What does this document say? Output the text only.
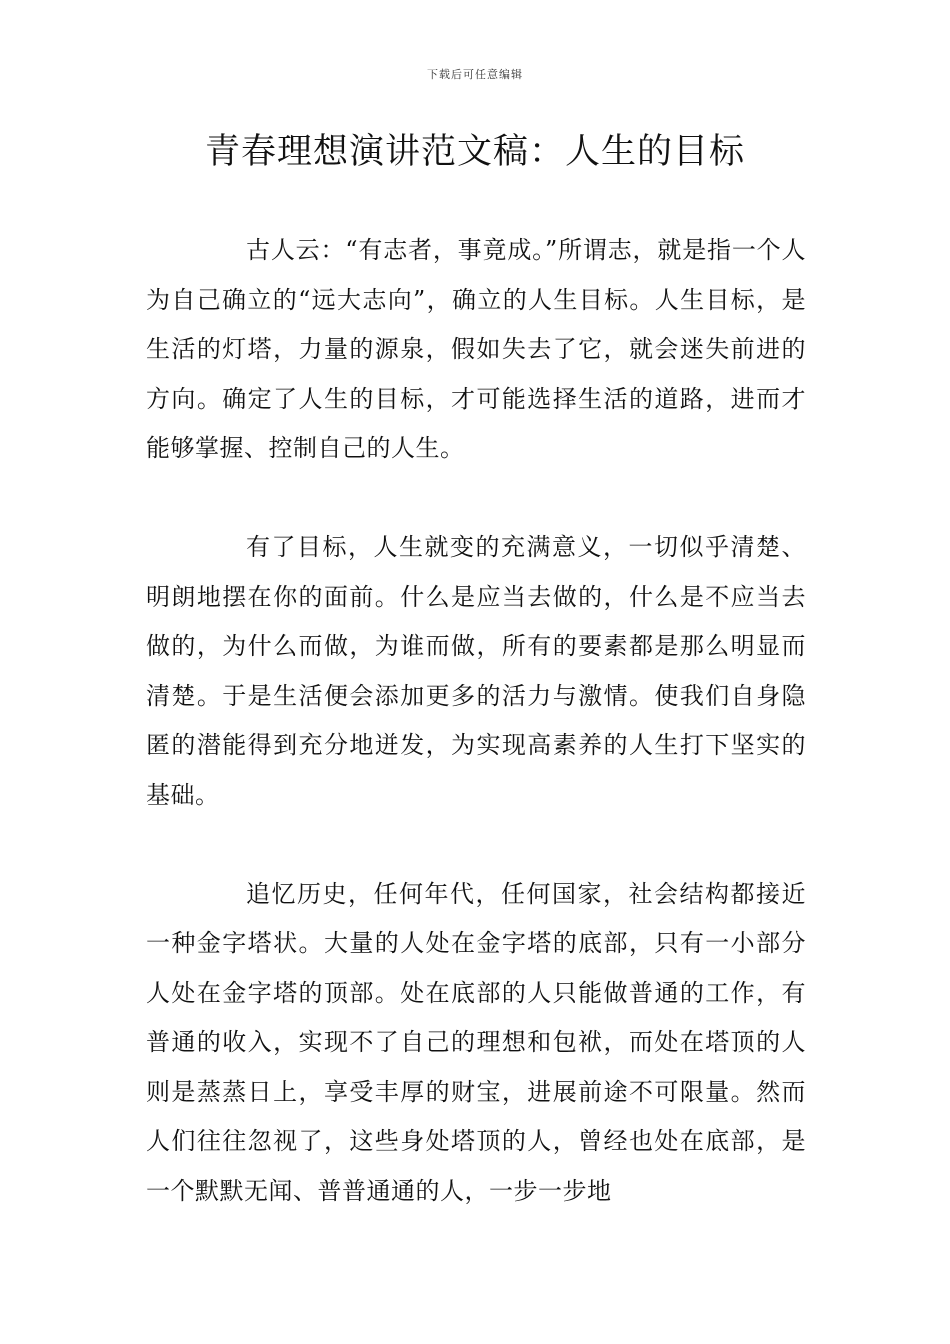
下载后可任意编辑
青春理想演讲范文稿：人生的目标

古人云：“有志者，事竟成。”所谓志，就是指一个人为自己确立的“远大志向”，确立的人生目标。人生目标，是生活的灯塔，力量的源泉，假如失去了它，就会迷失前进的方向。确定了人生的目标，才可能选择生活的道路，进而才能够掌握、控制自己的人生。

有了目标，人生就变的充满意义，一切似乎清楚、明朗地摆在你的面前。什么是应当去做的，什么是不应当去做的，为什么而做，为谁而做，所有的要素都是那么明显而清楚。于是生活便会添加更多的活力与激情。使我们自身隐匿的潜能得到充分地迸发，为实现高素养的人生打下坚实的基础。

追忆历史，任何年代，任何国家，社会结构都接近一种金字塔状。大量的人处在金字塔的底部，只有一小部分人处在金字塔的顶部。处在底部的人只能做普通的工作，有普通的收入，实现不了自己的理想和包袱，而处在塔顶的人则是蒸蒸日上，享受丰厚的财宝，进展前途不可限量。然而人们往往忽视了，这些身处塔顶的人，曾经也处在底部，是一个默默无闻、普普通通的人，一步一步地
